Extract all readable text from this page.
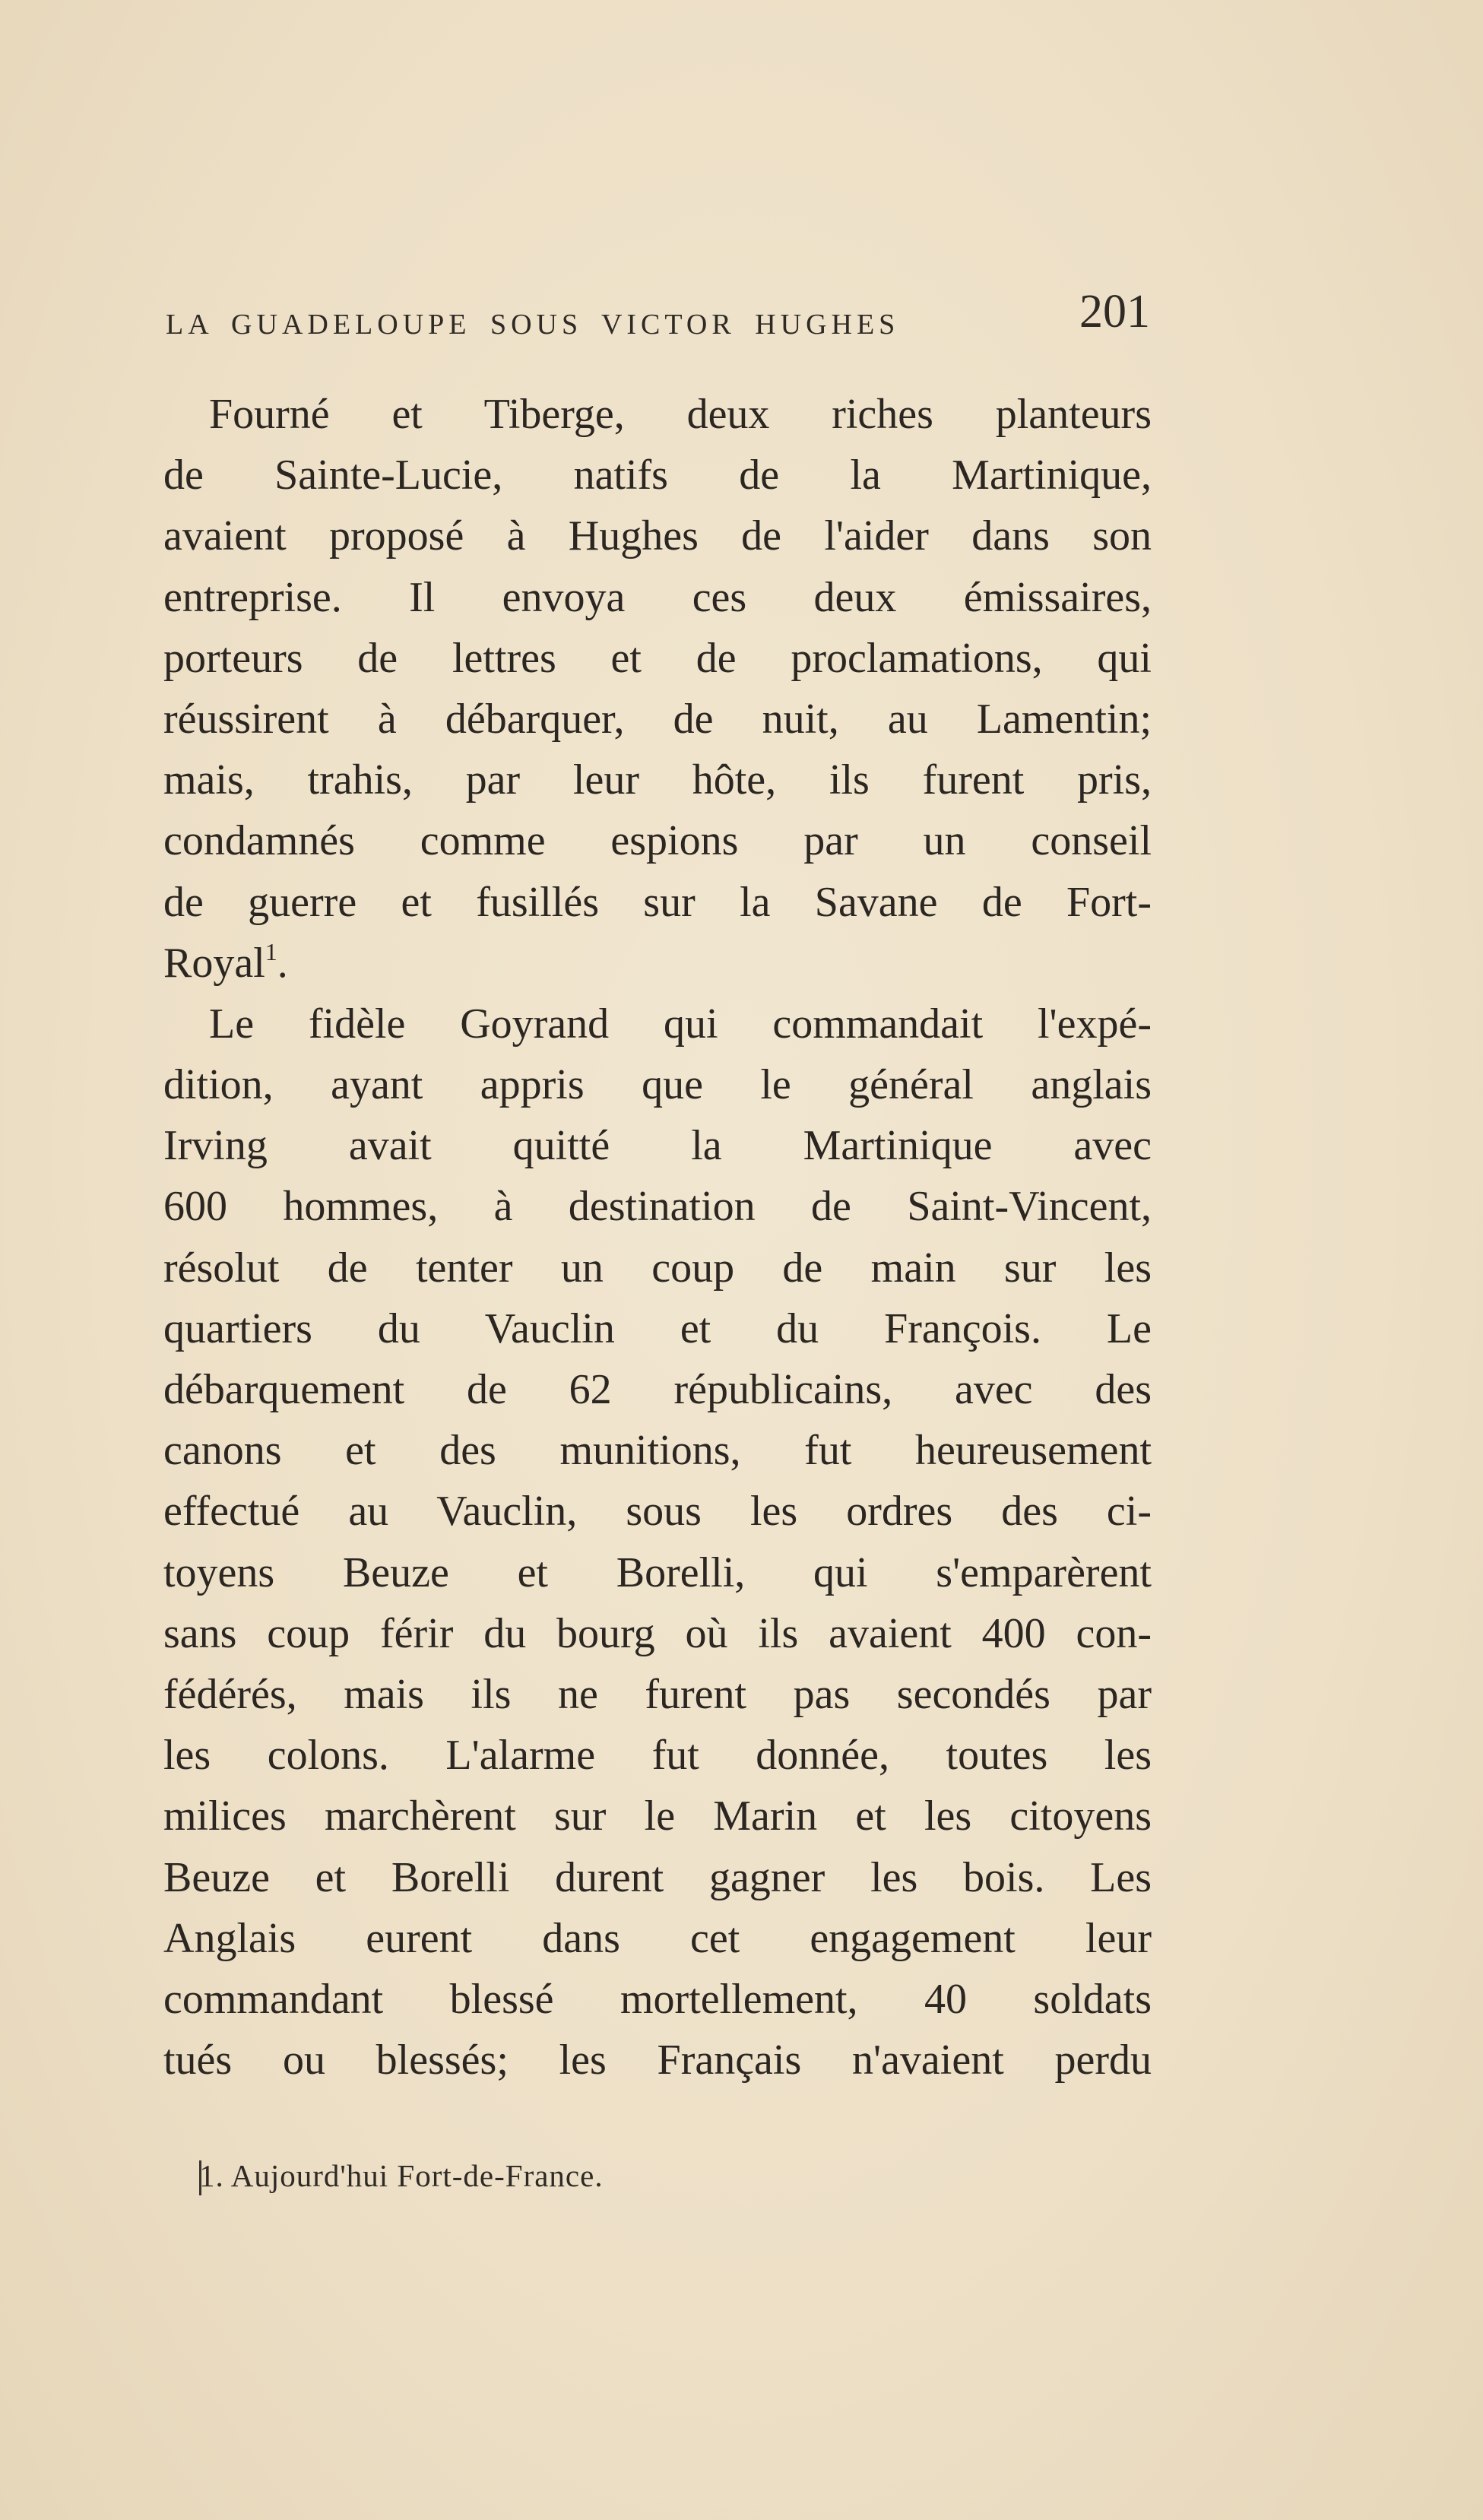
LA GUADELOUPE SOUS VICTOR HUGHES	201
Fourné et Tiberge, deux riches planteurs
de Sainte-Lucie, natifs de la Martinique,
avaient proposé à Hughes de l'aider dans son
entreprise. Il envoya ces deux émissaires,
porteurs de lettres et de proclamations, qui
réussirent à débarquer, de nuit, au Lamentin;
mais, trahis, par leur hôte, ils furent pris,
condamnés comme espions par un conseil
de guerre et fusillés sur la Savane de Fort-
Royal$^1$.
Le fidèle Goyrand qui commandait l'expé-
dition, ayant appris que le général anglais
Irving avait quitté la Martinique avec
600 hommes, à destination de Saint-Vincent,
résolut de tenter un coup de main sur les
quartiers du Vauclin et du François. Le
débarquement de 62 républicains, avec des
canons et des munitions, fut heureusement
effectué au Vauclin, sous les ordres des ci-
toyens Beuze et Borelli, qui s'emparèrent
sans coup férir du bourg où ils avaient 400 con-
fédérés, mais ils ne furent pas secondés par
les colons. L'alarme fut donnée, toutes les
milices marchèrent sur le Marin et les citoyens
Beuze et Borelli durent gagner les bois. Les
Anglais eurent dans cet engagement leur
commandant blessé mortellement, 40 soldats
tués ou blessés; les Français n'avaient perdu
1. Aujourd'hui Fort-de-France.
